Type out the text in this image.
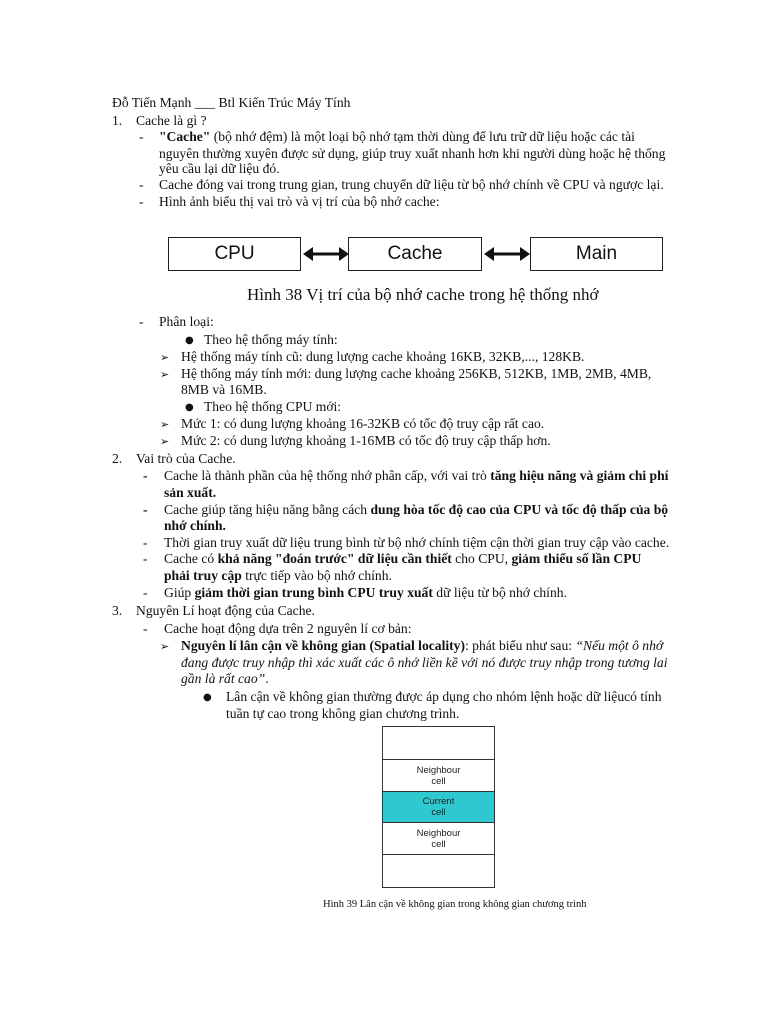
Đỗ Tiến Mạnh ___ Btl Kiến Trúc Máy Tính
1.	Cache là gì ?
- "Cache" (bộ nhớ đệm) là một loại bộ nhớ tạm thời dùng để lưu trữ dữ liệu hoặc các tài
nguyên thường xuyên được sử dụng, giúp truy xuất nhanh hơn khi người dùng hoặc hệ thống
yêu cầu lại dữ liệu đó.
- Cache đóng vai trong trung gian, trung chuyển dữ liệu từ bộ nhớ chính về CPU và ngược lại.
- Hình ảnh biểu thị vai trò và vị trí của bộ nhớ cache:
CPU	Cache	Main
Hình 38 Vị trí của bộ nhớ cache trong hệ thống nhớ
- Phân loại:
● Theo hệ thống máy tính:
➢ Hệ thống máy tính cũ: dung lượng cache khoảng 16KB, 32KB,..., 128KB.
➢ Hệ thống máy tính mới: dung lượng cache khoảng 256KB, 512KB, 1MB, 2MB, 4MB,
8MB và 16MB.
● Theo hệ thống CPU mới:
➢ Mức 1: có dung lượng khoảng 16-32KB có tốc độ truy cập rất cao.
➢ Mức 2: có dung lượng khoảng 1-16MB có tốc độ truy cập thấp hơn.
2.	Vai trò của Cache.
- Cache là thành phần của hệ thống nhớ phân cấp, với vai trò tăng hiệu năng và giảm chi phí
sản xuất.
- Cache giúp tăng hiệu năng bằng cách dung hòa tốc độ cao của CPU và tốc độ thấp của bộ
nhớ chính.
- Thời gian truy xuất dữ liệu trung bình từ bộ nhớ chính tiệm cận thời gian truy cập vào cache.
- Cache có khả năng "đoán trước" dữ liệu cần thiết cho CPU, giảm thiểu số lần CPU
phải truy cập trực tiếp vào bộ nhớ chính.
- Giúp giảm thời gian trung bình CPU truy xuất dữ liệu từ bộ nhớ chính.
3.	Nguyên Lí hoạt động của Cache.
- Cache hoạt động dựa trên 2 nguyên lí cơ bản:
➢ Nguyên lí lân cận về không gian (Spatial locality): phát biểu như sau: “Nếu một ô nhớ
đang được truy nhập thì xác xuất các ô nhớ liền kề với nó được truy nhập trong tương lai
gần là rất cao”.
● Lân cận về không gian thường được áp dụng cho nhóm lệnh hoặc dữ liệucó tính
tuần tự cao trong không gian chương trình.
Neighbour
cell
Current
cell
Neighbour
cell
Hình 39 Lân cận về không gian trong không gian chương trình
